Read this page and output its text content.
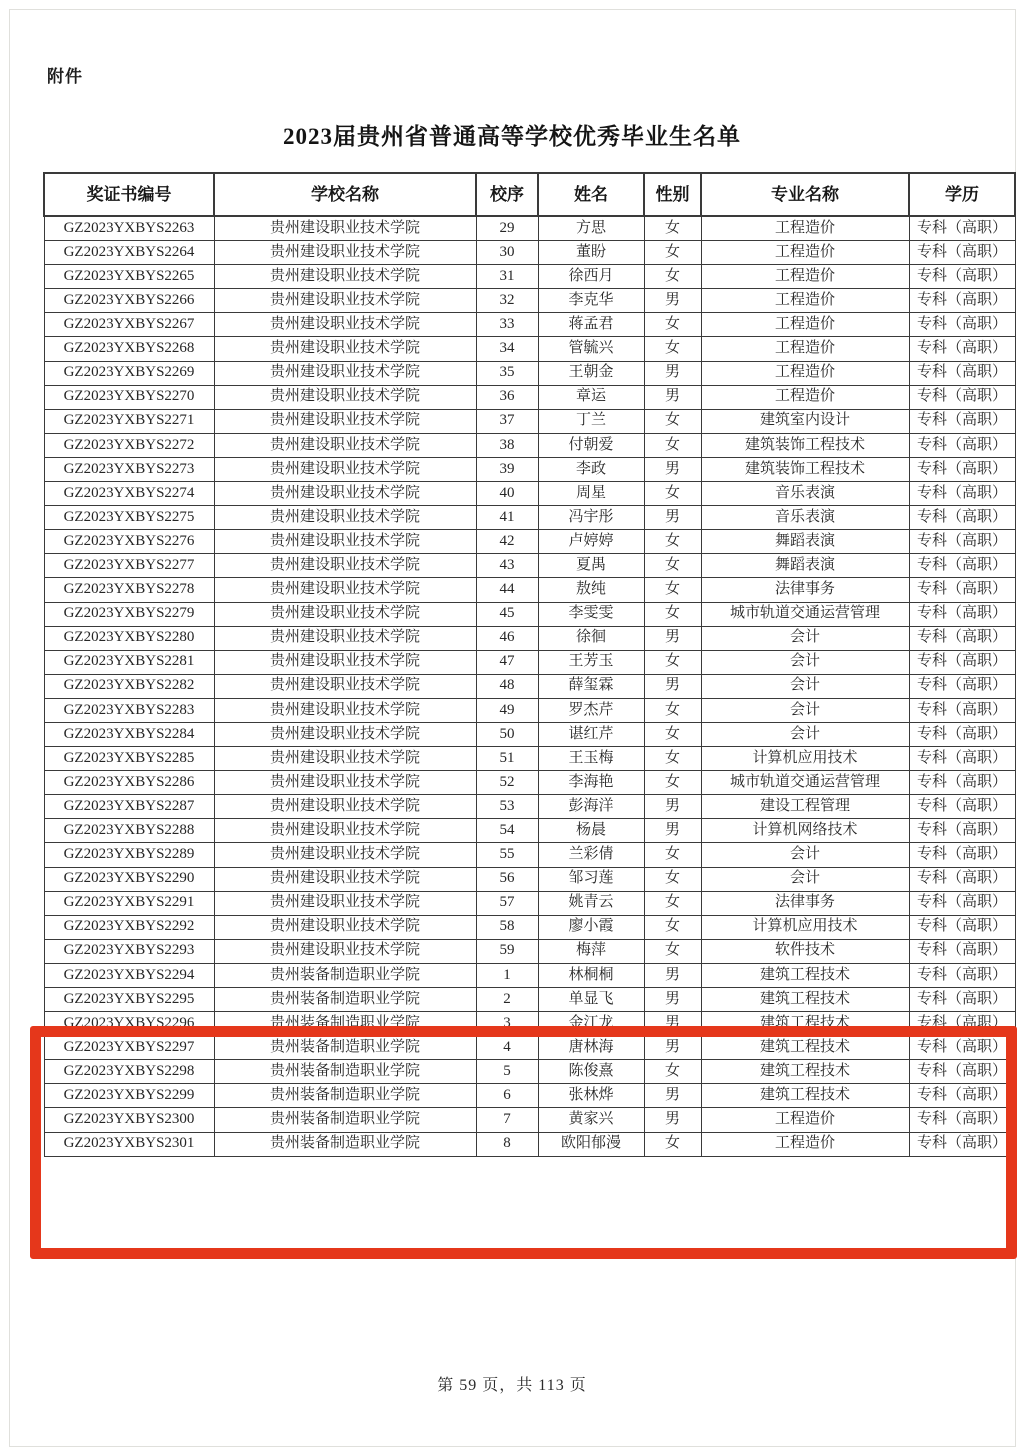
附件
2023届贵州省普通高等学校优秀毕业生名单
奖证书编号	学校名称	校序	姓名	性别	专业名称	学历
GZ2023YXBYS2263	贵州建设职业技术学院	29	方思	女	工程造价	专科（高职）
GZ2023YXBYS2264	贵州建设职业技术学院	30	董盼	女	工程造价	专科（高职）
GZ2023YXBYS2265	贵州建设职业技术学院	31	徐西月	女	工程造价	专科（高职）
GZ2023YXBYS2266	贵州建设职业技术学院	32	李克华	男	工程造价	专科（高职）
GZ2023YXBYS2267	贵州建设职业技术学院	33	蒋孟君	女	工程造价	专科（高职）
GZ2023YXBYS2268	贵州建设职业技术学院	34	管毓兴	女	工程造价	专科（高职）
GZ2023YXBYS2269	贵州建设职业技术学院	35	王朝金	男	工程造价	专科（高职）
GZ2023YXBYS2270	贵州建设职业技术学院	36	章运	男	工程造价	专科（高职）
GZ2023YXBYS2271	贵州建设职业技术学院	37	丁兰	女	建筑室内设计	专科（高职）
GZ2023YXBYS2272	贵州建设职业技术学院	38	付朝爱	女	建筑装饰工程技术	专科（高职）
GZ2023YXBYS2273	贵州建设职业技术学院	39	李政	男	建筑装饰工程技术	专科（高职）
GZ2023YXBYS2274	贵州建设职业技术学院	40	周星	女	音乐表演	专科（高职）
GZ2023YXBYS2275	贵州建设职业技术学院	41	冯宇彤	男	音乐表演	专科（高职）
GZ2023YXBYS2276	贵州建设职业技术学院	42	卢婷婷	女	舞蹈表演	专科（高职）
GZ2023YXBYS2277	贵州建设职业技术学院	43	夏禺	女	舞蹈表演	专科（高职）
GZ2023YXBYS2278	贵州建设职业技术学院	44	敖纯	女	法律事务	专科（高职）
GZ2023YXBYS2279	贵州建设职业技术学院	45	李雯雯	女	城市轨道交通运营管理	专科（高职）
GZ2023YXBYS2280	贵州建设职业技术学院	46	徐徊	男	会计	专科（高职）
GZ2023YXBYS2281	贵州建设职业技术学院	47	王芳玉	女	会计	专科（高职）
GZ2023YXBYS2282	贵州建设职业技术学院	48	薛玺霖	男	会计	专科（高职）
GZ2023YXBYS2283	贵州建设职业技术学院	49	罗杰芹	女	会计	专科（高职）
GZ2023YXBYS2284	贵州建设职业技术学院	50	谌红芹	女	会计	专科（高职）
GZ2023YXBYS2285	贵州建设职业技术学院	51	王玉梅	女	计算机应用技术	专科（高职）
GZ2023YXBYS2286	贵州建设职业技术学院	52	李海艳	女	城市轨道交通运营管理	专科（高职）
GZ2023YXBYS2287	贵州建设职业技术学院	53	彭海洋	男	建设工程管理	专科（高职）
GZ2023YXBYS2288	贵州建设职业技术学院	54	杨晨	男	计算机网络技术	专科（高职）
GZ2023YXBYS2289	贵州建设职业技术学院	55	兰彩倩	女	会计	专科（高职）
GZ2023YXBYS2290	贵州建设职业技术学院	56	邹习莲	女	会计	专科（高职）
GZ2023YXBYS2291	贵州建设职业技术学院	57	姚青云	女	法律事务	专科（高职）
GZ2023YXBYS2292	贵州建设职业技术学院	58	廖小霞	女	计算机应用技术	专科（高职）
GZ2023YXBYS2293	贵州建设职业技术学院	59	梅萍	女	软件技术	专科（高职）
GZ2023YXBYS2294	贵州装备制造职业学院	1	林桐桐	男	建筑工程技术	专科（高职）
GZ2023YXBYS2295	贵州装备制造职业学院	2	单显飞	男	建筑工程技术	专科（高职）
GZ2023YXBYS2296	贵州装备制造职业学院	3	金江龙	男	建筑工程技术	专科（高职）
GZ2023YXBYS2297	贵州装备制造职业学院	4	唐林海	男	建筑工程技术	专科（高职）
GZ2023YXBYS2298	贵州装备制造职业学院	5	陈俊熹	女	建筑工程技术	专科（高职）
GZ2023YXBYS2299	贵州装备制造职业学院	6	张林烨	男	建筑工程技术	专科（高职）
GZ2023YXBYS2300	贵州装备制造职业学院	7	黄家兴	男	工程造价	专科（高职）
GZ2023YXBYS2301	贵州装备制造职业学院	8	欧阳郁漫	女	工程造价	专科（高职）
第 59 页，共 113 页
